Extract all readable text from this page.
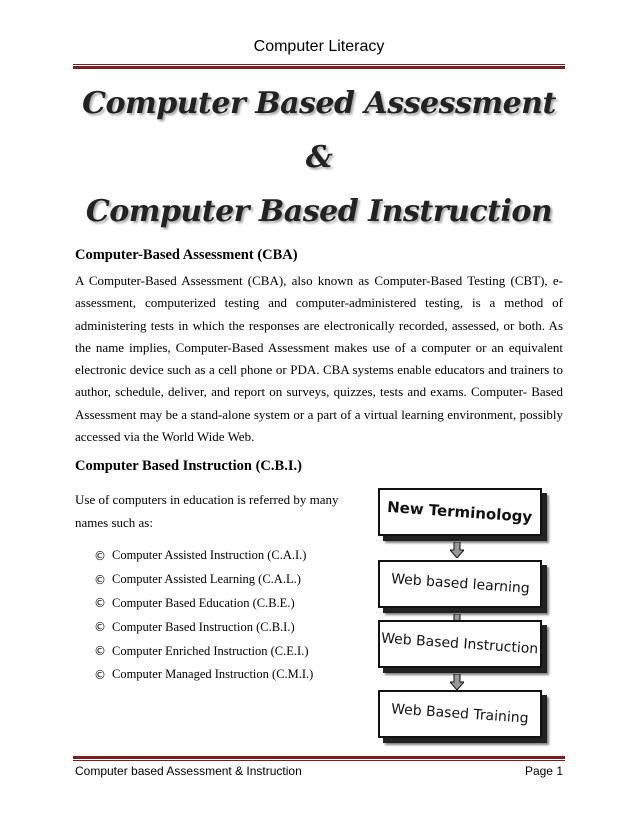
Computer Literacy
Computer Based Assessment
&
Computer Based Instruction
Computer-Based Assessment (CBA)
A Computer-Based Assessment (CBA), also known as Computer-Based Testing (CBT), e-assessment, computerized testing and computer-administered testing, is a method of administering tests in which the responses are electronically recorded, assessed, or both. As the name implies, Computer-Based Assessment makes use of a computer or an equivalent electronic device such as a cell phone or PDA. CBA systems enable educators and trainers to author, schedule, deliver, and report on surveys, quizzes, tests and exams. Computer- Based Assessment may be a stand-alone system or a part of a virtual learning environment, possibly accessed via the World Wide Web.
Computer Based Instruction (C.B.I.)
Use of computers in education is referred by many names such as:
© Computer Assisted Instruction (C.A.I.)
© Computer Assisted Learning (C.A.L.)
© Computer Based Education (C.B.E.)
© Computer Based Instruction (C.B.I.)
© Computer Enriched Instruction (C.E.I.)
© Computer Managed Instruction (C.M.I.)
New Terminology
Web based learning
Web Based Instruction
Web Based Training
Computer based Assessment & Instruction	Page 1
